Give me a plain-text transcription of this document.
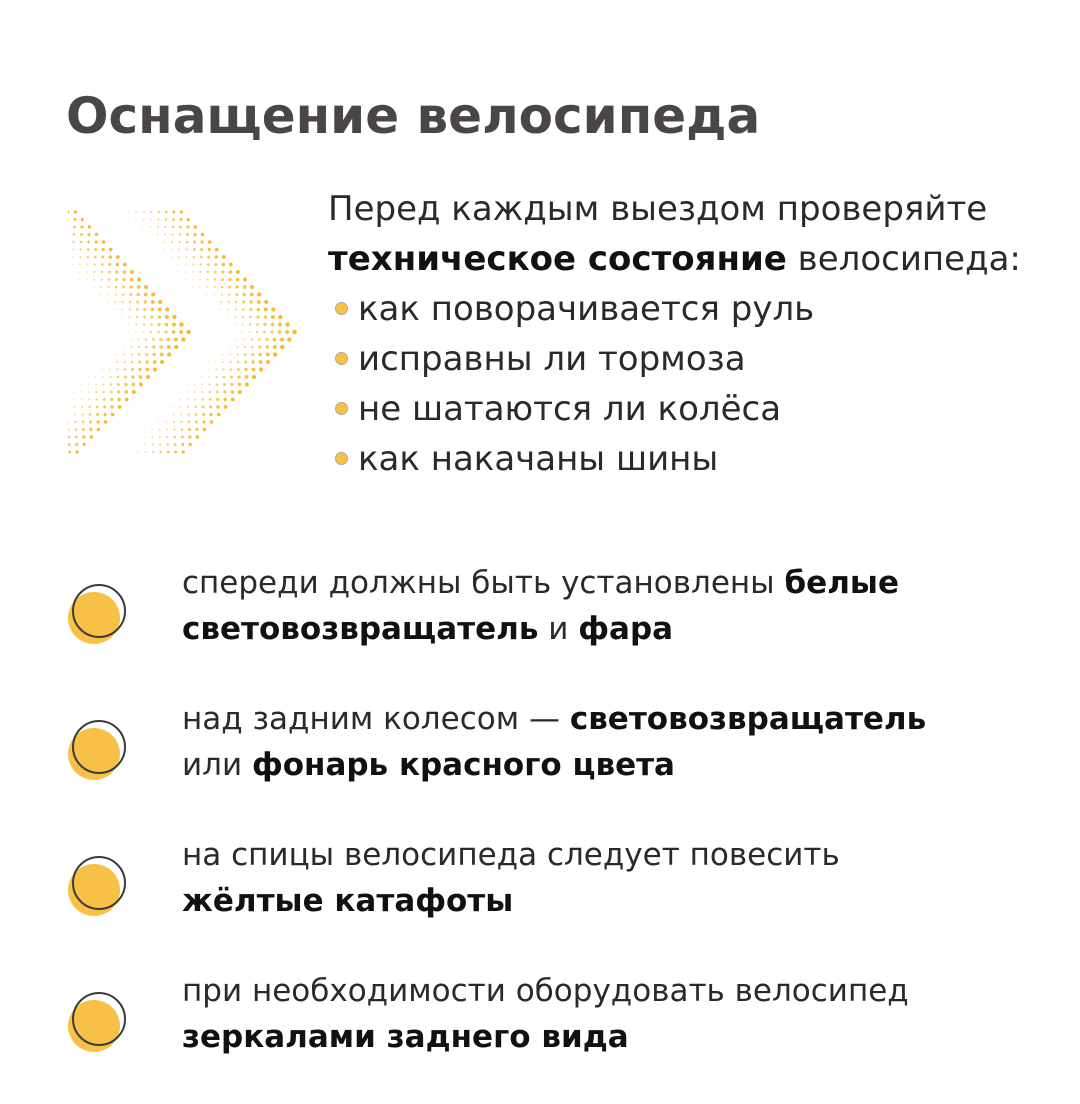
Оснащение велосипеда

Перед каждым выездом проверяйте

техническое состояние велосипеда:

как поворачивается руль
исправны ли тормоза
не шатаются ли колёса
как накачаны шины
спереди должны быть установлены белые
световозвращатель и фара
над задним колесом — световозвращатель
или фонарь красного цвета
на спицы велосипеда следует повесить
жёлтые катафоты
при необходимости оборудовать велосипед
зеркалами заднего вида
